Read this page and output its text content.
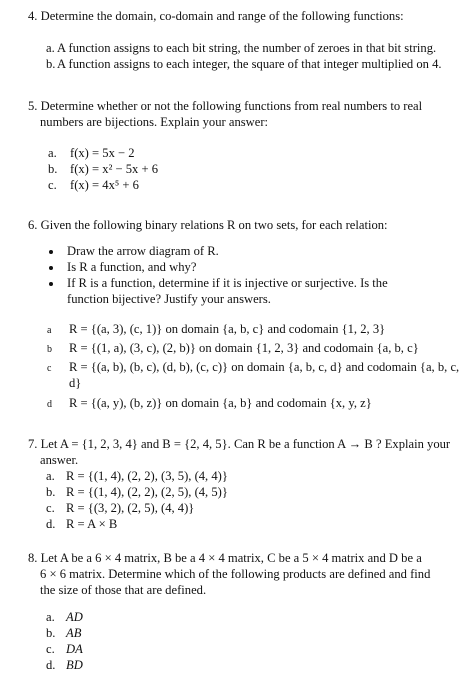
4. Determine the domain, co-domain and range of the following functions:
a. A function assigns to each bit string, the number of zeroes in that bit string.
b. A function assigns to each integer, the square of that integer multiplied on 4.
5. Determine whether or not the following functions from real numbers to real
numbers are bijections. Explain your answer:
a. f(x) = 5x − 2
b. f(x) = x² − 5x + 6
c. f(x) = 4x⁵ + 6
6. Given the following binary relations R on two sets, for each relation:
Draw the arrow diagram of R.
Is R a function, and why?
If R is a function, determine if it is injective or surjective. Is the
function bijective? Justify your answers.
a R = {(a, 3), (c, 1)} on domain {a, b, c} and codomain {1, 2, 3}
b R = {(1, a), (3, c), (2, b)} on domain {1, 2, 3} and codomain {a, b, c}
c R = {(a, b), (b, c), (d, b), (c, c)} on domain {a, b, c, d} and codomain {a, b, c,
d}
d R = {(a, y), (b, z)} on domain {a, b} and codomain {x, y, z}
7. Let A = {1, 2, 3, 4} and B = {2, 4, 5}. Can R be a function A → B ? Explain your
answer.
a. R = {(1, 4), (2, 2), (3, 5), (4, 4)}
b. R = {(1, 4), (2, 2), (2, 5), (4, 5)}
c. R = {(3, 2), (2, 5), (4, 4)}
d. R = A × B
8. Let A be a 6 × 4 matrix, B be a 4 × 4 matrix, C be a 5 × 4 matrix and D be a
6 × 6 matrix. Determine which of the following products are defined and find
the size of those that are defined.
a. AD
b. AB
c. DA
d. BD
